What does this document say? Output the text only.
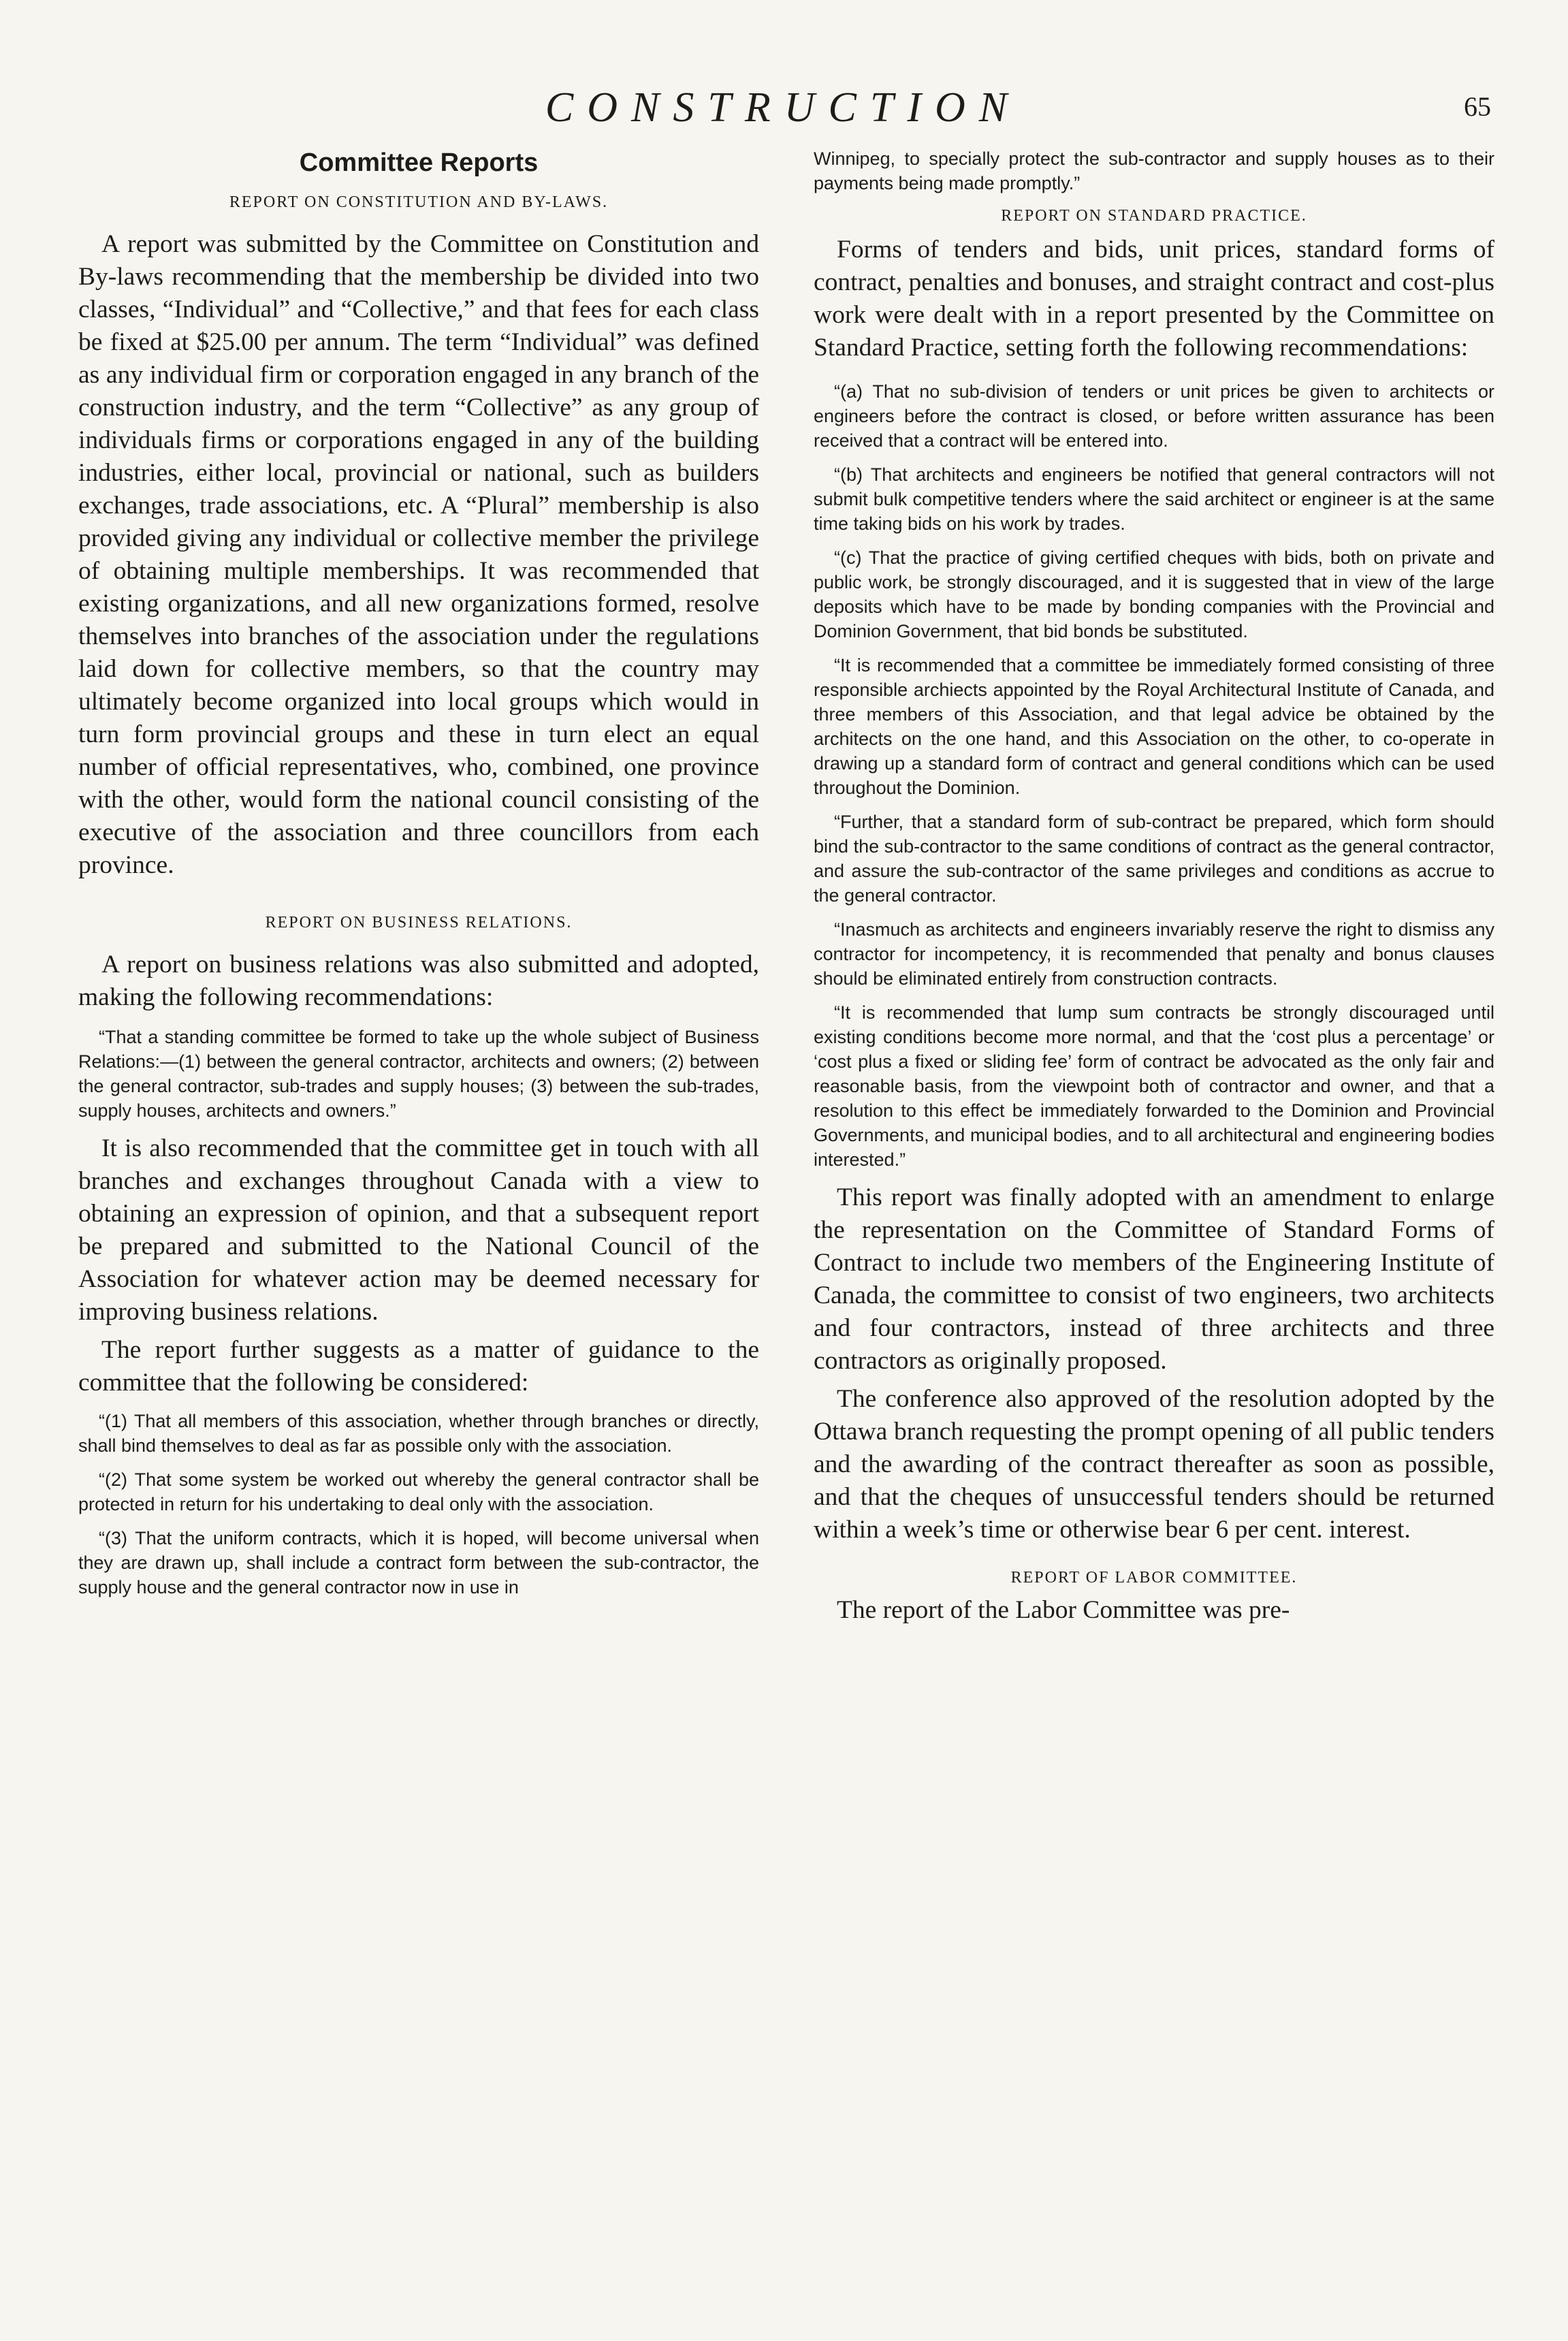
CONSTRUCTION	65
Committee Reports
REPORT ON CONSTITUTION AND BY-LAWS.

A report was submitted by the Committee on Constitution and By-laws recommending that the membership be divided into two classes, “Individual” and “Collective,” and that fees for each class be fixed at $25.00 per annum. The term “Individual” was defined as any individual firm or corporation engaged in any branch of the construction industry, and the term “Collective” as any group of individuals firms or corporations engaged in any of the building industries, either local, provincial or national, such as builders exchanges, trade associations, etc. A “Plural” membership is also provided giving any individual or collective member the privilege of obtaining multiple memberships. It was recommended that existing organizations, and all new organizations formed, resolve themselves into branches of the association under the regulations laid down for collective members, so that the country may ultimately become organized into local groups which would in turn form provincial groups and these in turn elect an equal number of official representatives, who, combined, one province with the other, would form the national council consisting of the executive of the association and three councillors from each province.

REPORT ON BUSINESS RELATIONS.

A report on business relations was also submitted and adopted, making the following recommendations:

“That a standing committee be formed to take up the whole subject of Business Relations:—(1) between the general contractor, architects and owners; (2) between the general contractor, sub-trades and supply houses; (3) between the sub-trades, supply houses, architects and owners.”

It is also recommended that the committee get in touch with all branches and exchanges throughout Canada with a view to obtaining an expression of opinion, and that a subsequent report be prepared and submitted to the National Council of the Association for whatever action may be deemed necessary for improving business relations.

The report further suggests as a matter of guidance to the committee that the following be considered:

“(1) That all members of this association, whether through branches or directly, shall bind themselves to deal as far as possible only with the association.

“(2) That some system be worked out whereby the general contractor shall be protected in return for his undertaking to deal only with the association.

“(3) That the uniform contracts, which it is hoped, will become universal when they are drawn up, shall include a contract form between the sub-contractor, the supply house and the general contractor now in use in

Winnipeg, to specially protect the sub-contractor and supply houses as to their payments being made promptly.”

REPORT ON STANDARD PRACTICE.

Forms of tenders and bids, unit prices, standard forms of contract, penalties and bonuses, and straight contract and cost-plus work were dealt with in a report presented by the Committee on Standard Practice, setting forth the following recommendations:

“(a) That no sub-division of tenders or unit prices be given to architects or engineers before the contract is closed, or before written assurance has been received that a contract will be entered into.

“(b) That architects and engineers be notified that general contractors will not submit bulk competitive tenders where the said architect or engineer is at the same time taking bids on his work by trades.

“(c) That the practice of giving certified cheques with bids, both on private and public work, be strongly discouraged, and it is suggested that in view of the large deposits which have to be made by bonding companies with the Provincial and Dominion Government, that bid bonds be substituted.

“It is recommended that a committee be immediately formed consisting of three responsible archiects appointed by the Royal Architectural Institute of Canada, and three members of this Association, and that legal advice be obtained by the architects on the one hand, and this Association on the other, to co-operate in drawing up a standard form of contract and general conditions which can be used throughout the Dominion.

“Further, that a standard form of sub-contract be prepared, which form should bind the sub-contractor to the same conditions of contract as the general contractor, and assure the sub-contractor of the same privileges and conditions as accrue to the general contractor.

“Inasmuch as architects and engineers invariably reserve the right to dismiss any contractor for incompetency, it is recommended that penalty and bonus clauses should be eliminated entirely from construction contracts.

“It is recommended that lump sum contracts be strongly discouraged until existing conditions become more normal, and that the ‘cost plus a percentage’ or ‘cost plus a fixed or sliding fee’ form of contract be advocated as the only fair and reasonable basis, from the viewpoint both of contractor and owner, and that a resolution to this effect be immediately forwarded to the Dominion and Provincial Governments, and municipal bodies, and to all architectural and engineering bodies interested.”

This report was finally adopted with an amendment to enlarge the representation on the Committee of Standard Forms of Contract to include two members of the Engineering Institute of Canada, the committee to consist of two engineers, two architects and four contractors, instead of three architects and three contractors as originally proposed.

The conference also approved of the resolution adopted by the Ottawa branch requesting the prompt opening of all public tenders and the awarding of the contract thereafter as soon as possible, and that the cheques of unsuccessful tenders should be returned within a week’s time or otherwise bear 6 per cent. interest.

REPORT OF LABOR COMMITTEE.

The report of the Labor Committee was pre-
